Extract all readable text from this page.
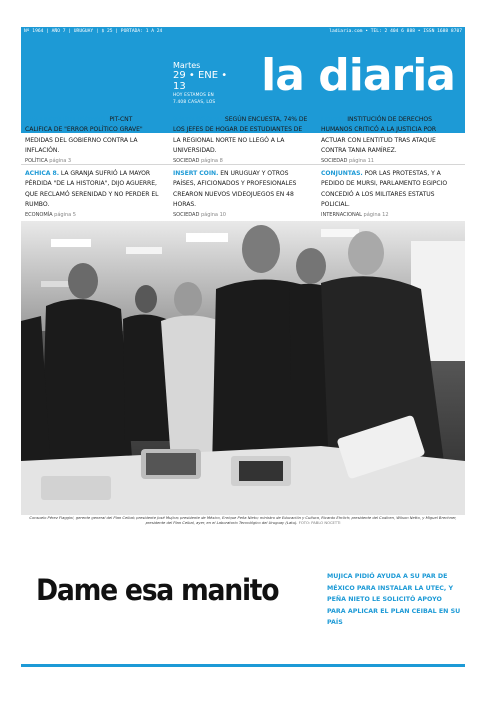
Nº 1964 | AÑO 7 | URUGUAY | $ 25 | PORTADA: 1 A 24	ladiaria.com • TEL: 2 404 6 888 • ISSN 1688 8707
Martes
29 • ENE • 13
HOY ESTAMOS EN
7.408 CASAS, LOS
la diaria
LAS LUCES DEL ESTADO. PIT-CNT CALIFICA DE "ERROR POLÍTICO GRAVE" MEDIDAS DEL GOBIERNO CONTRA LA INFLACIÓN.
POLÍTICA página 3
SALTO SOCIAL. SEGÚN ENCUESTA, 74% DE LOS JEFES DE HOGAR DE ESTUDIANTES DE LA REGIONAL NORTE NO LLEGÓ A LA UNIVERSIDAD.
SOCIEDAD página 8
LENTO. INSTITUCIÓN DE DERECHOS HUMANOS CRITICÓ A LA JUSTICIA POR ACTUAR CON LENTITUD TRAS ATAQUE CONTRA TANIA RAMÍREZ.
SOCIEDAD página 11
ACHICA 8. LA GRANJA SUFRIÓ LA MAYOR PÉRDIDA "DE LA HISTORIA", DIJO AGUERRE, QUE RECLAMÓ SERENIDAD Y NO PERDER EL RUMBO.
ECONOMÍA página 5
INSERT COIN. EN URUGUAY Y OTROS PAÍSES, AFICIONADOS Y PROFESIONALES CREARON NUEVOS VIDEOJUEGOS EN 48 HORAS.
SOCIEDAD página 10
CONJUNTAS. POR LAS PROTESTAS, Y A PEDIDO DE MURSI, PARLAMENTO EGIPCIO CONCEDIÓ A LOS MILITARES ESTATUS POLICIAL.
INTERNACIONAL página 12
Consuelo Pérez Flaggini, gerente general del Plan Ceibal; presidente José Mujica; presidente de México, Enrique Peña Nieto; ministro de Educación y Cultura, Ricardo Ehrlich; presidente del Codicen, Wilson Netto, y Miguel Brechner, presidente del Plan Ceibal, ayer, en el Laboratorio Tecnológico del Uruguay (Latu). FOTO: PABLO NOCETTI
Dame esa manito	MUJICA PIDIÓ AYUDA A SU PAR DE MÉXICO PARA INSTALAR LA UTEC, Y PEÑA NIETO LE SOLICITÓ APOYO PARA APLICAR EL PLAN CEIBAL EN SU PAÍS
